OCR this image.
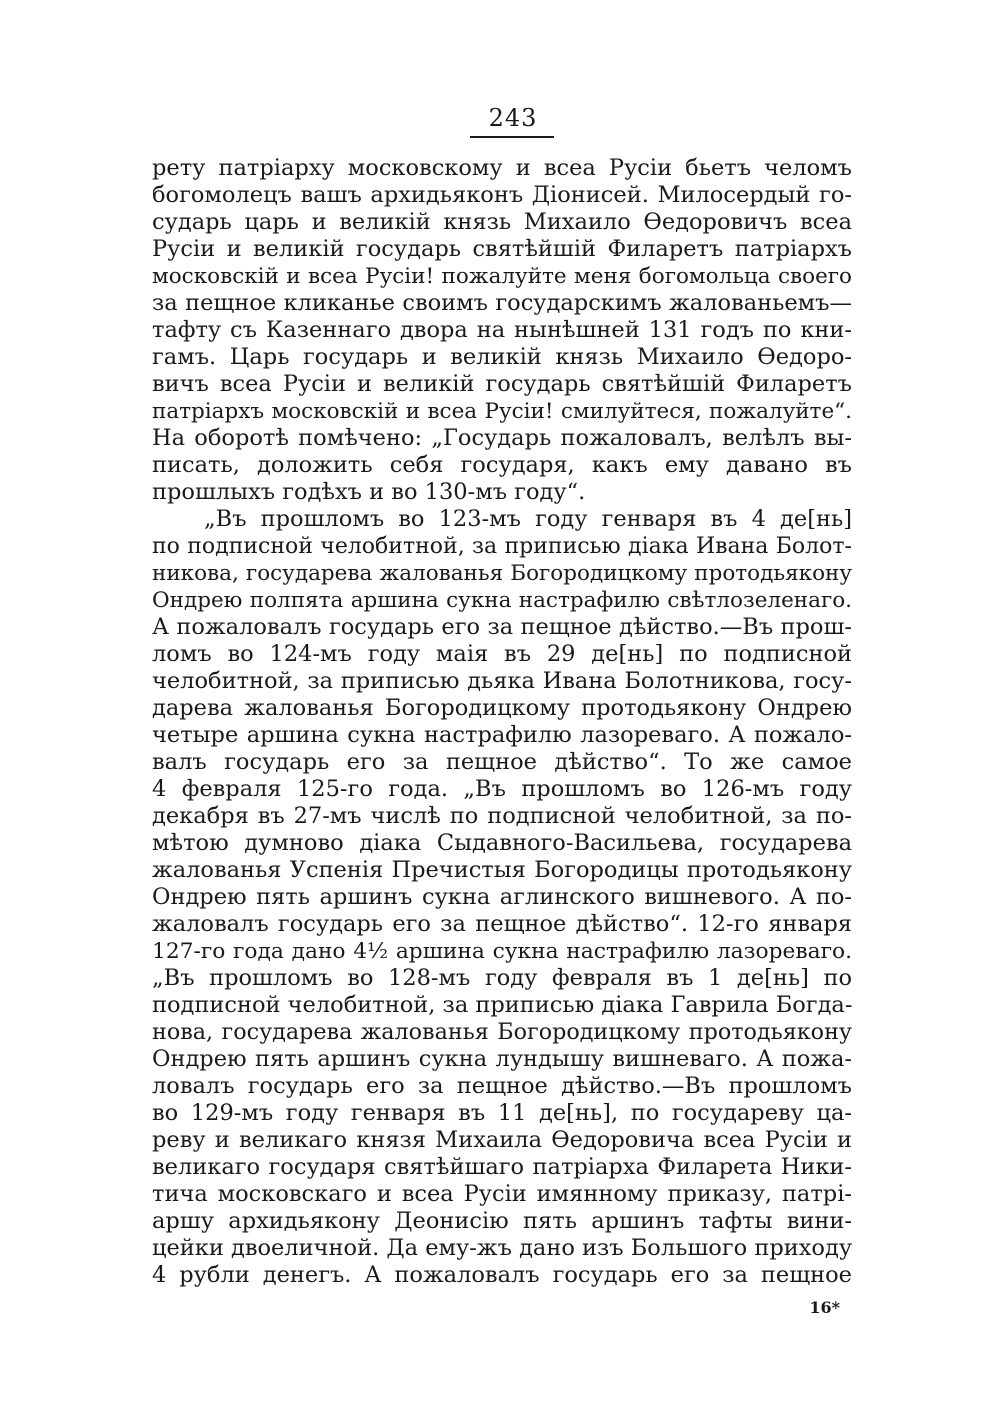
243
рету патріарху московскому и всеа Русіи бьетъ челомъ
богомолецъ вашъ архидьяконъ Діонисей. Милосердый го-
сударь царь и великій князь Михаило Ѳедоровичъ всеа
Русіи и великій государь святѣйшій Филаретъ патріархъ
московскій и всеа Русіи! пожалуйте меня богомольца своего
за пещное кликанье своимъ государскимъ жалованьемъ—
тафту съ Казеннаго двора на нынѣшней 131 годъ по кни-
гамъ. Царь государь и великій князь Михаило Ѳедоро-
вичъ всеа Русіи и великій государь святѣйшій Филаретъ
патріархъ московскій и всеа Русіи! смилуйтеся, пожалуйте“.
На оборотѣ помѣчено: „Государь пожаловалъ, велѣлъ вы-
писать, доложить себя государя, какъ ему давано въ
прошлыхъ годѣхъ и во 130-мъ году“.
„Въ прошломъ во 123-мъ году генваря въ 4 де[нь]
по подписной челобитной, за приписью діака Ивана Болот-
никова, государева жалованья Богородицкому протодьякону
Ондрею полпята аршина сукна настрафилю свѣтлозеленаго.
А пожаловалъ государь его за пещное дѣйство.—Въ прош-
ломъ во 124-мъ году маія въ 29 де[нь] по подписной
челобитной, за приписью дьяка Ивана Болотникова, госу-
дарева жалованья Богородицкому протодьякону Ондрею
четыре аршина сукна настрафилю лазореваго. А пожало-
валъ государь его за пещное дѣйство“. То же самое
4 февраля 125-го года. „Въ прошломъ во 126-мъ году
декабря въ 27-мъ числѣ по подписной челобитной, за по-
мѣтою думново діака Сыдавного-Васильева, государева
жалованья Успенія Пречистыя Богородицы протодьякону
Ондрею пять аршинъ сукна аглинского вишневого. А по-
жаловалъ государь его за пещное дѣйство“. 12-го января
127-го года дано 4½ аршина сукна настрафилю лазореваго.
„Въ прошломъ во 128-мъ году февраля въ 1 де[нь] по
подписной челобитной, за приписью діака Гаврила Богда-
нова, государева жалованья Богородицкому протодьякону
Ондрею пять аршинъ сукна лундышу вишневаго. А пожа-
ловалъ государь его за пещное дѣйство.—Въ прошломъ
во 129-мъ году генваря въ 11 де[нь], по государеву ца-
реву и великаго князя Михаила Ѳедоровича всеа Русіи и
великаго государя святѣйшаго патріарха Филарета Ники-
тича московскаго и всеа Русіи имянному приказу, патрі-
аршу архидьякону Деонисію пять аршинъ тафты вини-
цейки двоеличной. Да ему-жъ дано изъ Большого приходу
4 рубли денегъ. А пожаловалъ государь его за пещное
16*
